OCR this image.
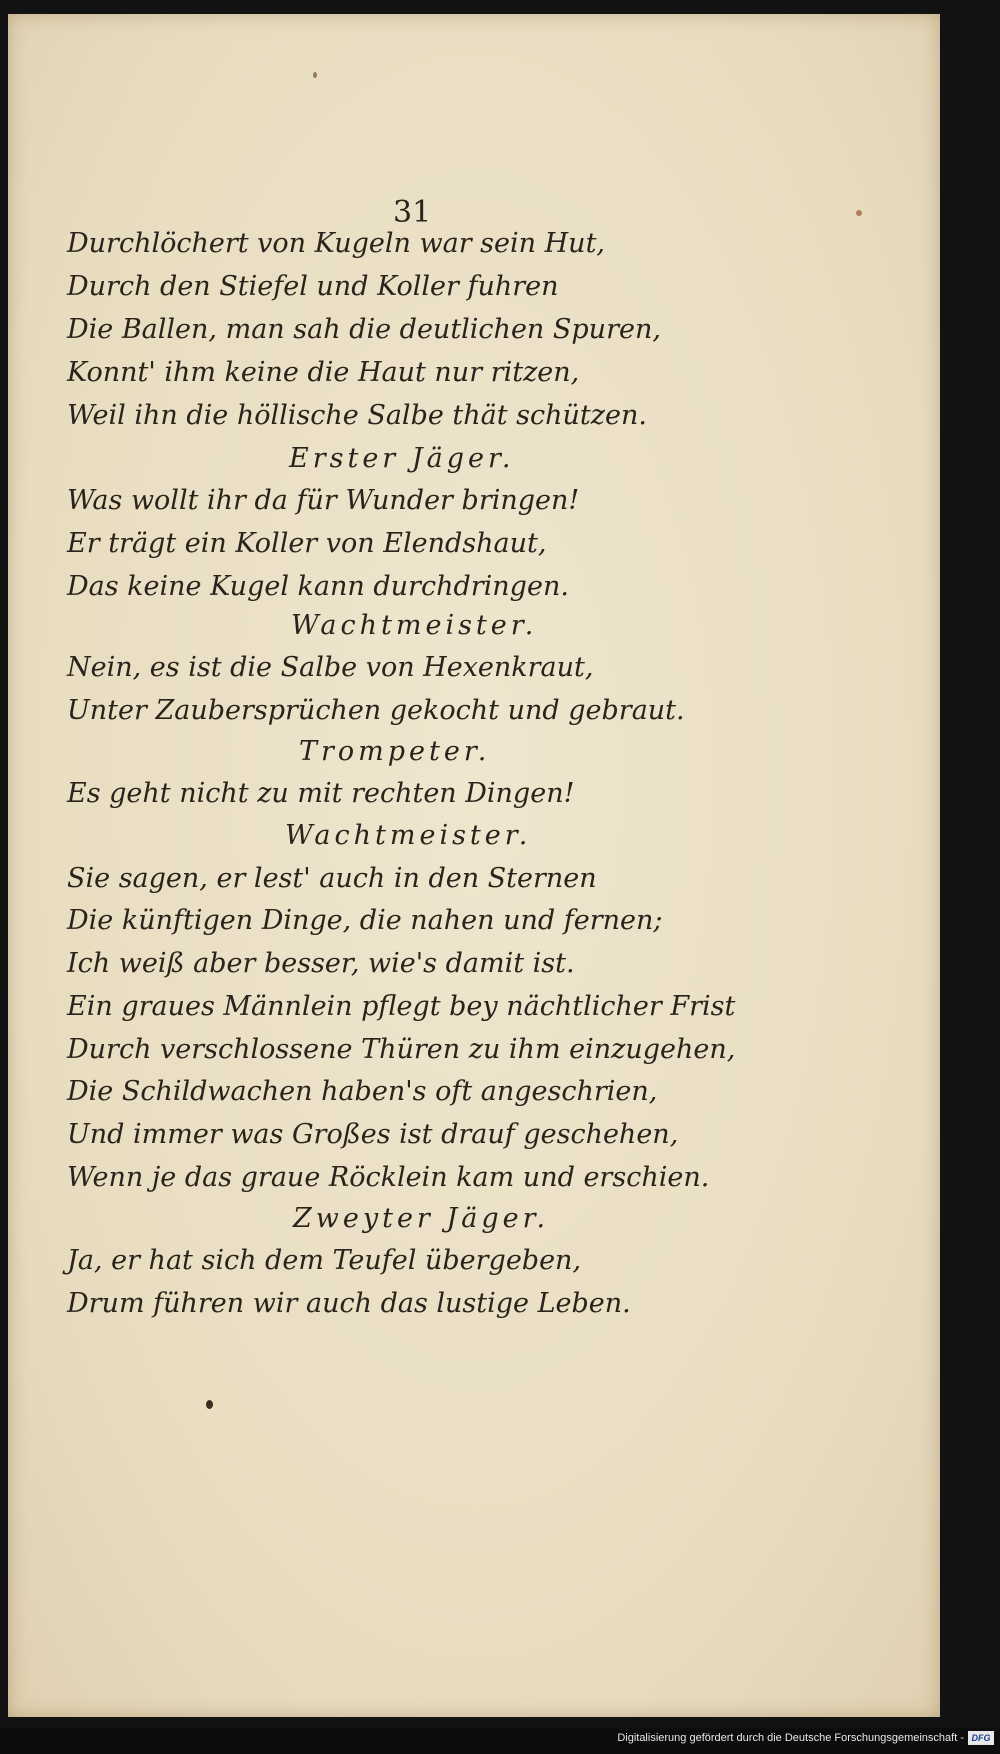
31
Durchlöchert von Kugeln war sein Hut,
Durch den Stiefel und Koller fuhren
Die Ballen, man sah die deutlichen Spuren,
Konnt' ihm keine die Haut nur ritzen,
Weil ihn die höllische Salbe thät schützen.
Erster Jäger.
Was wollt ihr da für Wunder bringen!
Er trägt ein Koller von Elendshaut,
Das keine Kugel kann durchdringen.
Wachtmeister.
Nein, es ist die Salbe von Hexenkraut,
Unter Zaubersprüchen gekocht und gebraut.
Trompeter.
Es geht nicht zu mit rechten Dingen!
Wachtmeister.
Sie sagen, er lest' auch in den Sternen
Die künftigen Dinge, die nahen und fernen;
Ich weiß aber besser, wie's damit ist.
Ein graues Männlein pflegt bey nächtlicher Frist
Durch verschlossene Thüren zu ihm einzugehen,
Die Schildwachen haben's oft angeschrien,
Und immer was Großes ist drauf geschehen,
Wenn je das graue Röcklein kam und erschien.
Zweyter Jäger.
Ja, er hat sich dem Teufel übergeben,
Drum führen wir auch das lustige Leben.
Digitalisierung gefördert durch die Deutsche Forschungsgemeinschaft - DFG
